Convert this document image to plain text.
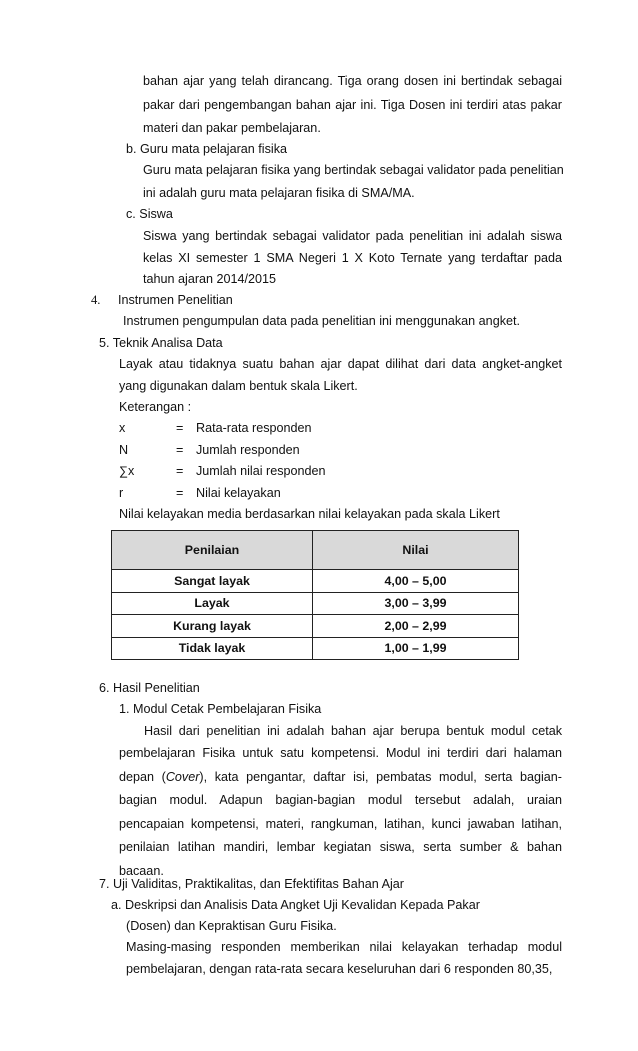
bahan ajar yang telah dirancang. Tiga orang dosen ini bertindak sebagai
pakar dari pengembangan bahan ajar ini. Tiga Dosen ini terdiri atas pakar
materi dan pakar pembelajaran.
b. Guru mata pelajaran fisika
Guru mata pelajaran fisika yang bertindak sebagai validator pada penelitian
ini adalah guru mata pelajaran fisika di SMA/MA.
c. Siswa
Siswa yang bertindak sebagai validator pada penelitian ini adalah siswa
kelas XI semester 1 SMA Negeri 1 X Koto Ternate yang terdaftar pada
tahun ajaran 2014/2015
4. Instrumen Penelitian
Instrumen pengumpulan data pada penelitian ini menggunakan angket.
5. Teknik Analisa Data
Layak atau tidaknya suatu bahan ajar dapat dilihat dari data angket-angket
yang digunakan dalam bentuk skala Likert.
Keterangan :
x	= Rata-rata responden
N	= Jumlah responden
∑x	= Jumlah nilai responden
r	= Nilai kelayakan
Nilai kelayakan media berdasarkan nilai kelayakan pada skala Likert
Penilaian	Nilai
Sangat layak	4,00 – 5,00
Layak	3,00 – 3,99
Kurang layak	2,00 – 2,99
Tidak layak	1,00 – 1,99
6. Hasil Penelitian
1. Modul Cetak Pembelajaran Fisika
Hasil dari penelitian ini adalah bahan ajar berupa bentuk modul cetak
pembelajaran Fisika untuk satu kompetensi. Modul ini terdiri dari halaman
depan (Cover), kata pengantar, daftar isi, pembatas modul, serta bagian-
bagian modul. Adapun bagian-bagian modul tersebut adalah, uraian
pencapaian kompetensi, materi, rangkuman, latihan, kunci jawaban latihan,
penilaian latihan mandiri, lembar kegiatan siswa, serta sumber & bahan
bacaan.
7. Uji Validitas, Praktikalitas, dan Efektifitas Bahan Ajar
a. Deskripsi dan Analisis Data Angket Uji Kevalidan Kepada Pakar
(Dosen) dan Kepraktisan Guru Fisika.
Masing-masing responden memberikan nilai kelayakan terhadap modul
pembelajaran, dengan rata-rata secara keseluruhan dari 6 responden 80,35,
